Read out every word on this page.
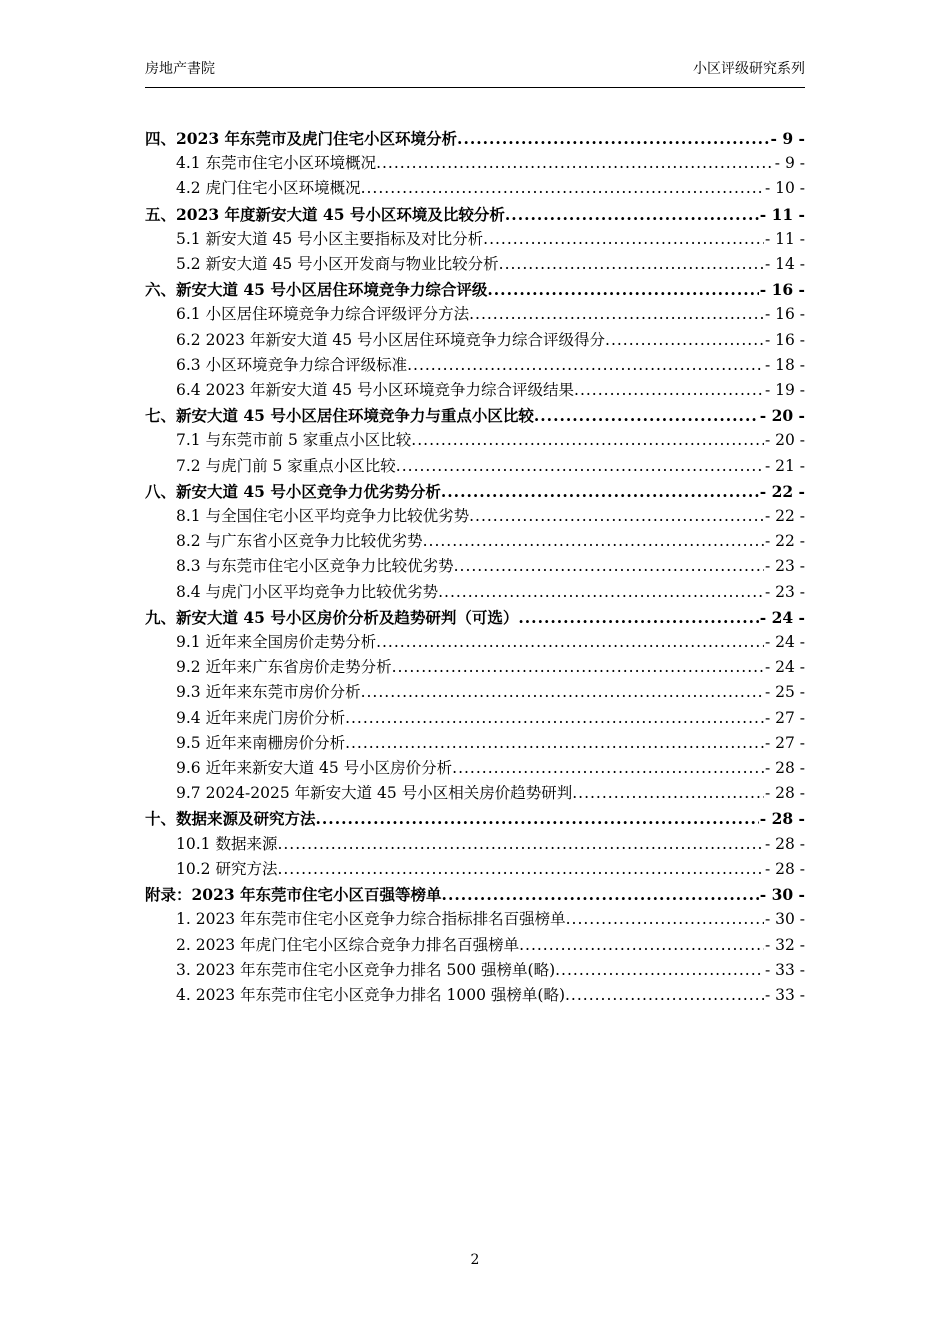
房地产書院	小区评级研究系列
四、2023 年东莞市及虎门住宅小区环境分析 .....	- 9 -
4.1 东莞市住宅小区环境概况 .....	- 9 -
4.2 虎门住宅小区环境概况 .....	- 10 -
五、2023 年度新安大道 45 号小区环境及比较分析 .....	- 11 -
5.1 新安大道 45 号小区主要指标及对比分析 .....	- 11 -
5.2 新安大道 45 号小区开发商与物业比较分析 .....	- 14 -
六、新安大道 45 号小区居住环境竞争力综合评级 .....	- 16 -
6.1 小区居住环境竞争力综合评级评分方法 .....	- 16 -
6.2 2023 年新安大道 45 号小区居住环境竞争力综合评级得分 .....	- 16 -
6.3 小区环境竞争力综合评级标准 .....	- 18 -
6.4 2023 年新安大道 45 号小区环境竞争力综合评级结果 .....	- 19 -
七、新安大道 45 号小区居住环境竞争力与重点小区比较 .....	- 20 -
7.1 与东莞市前 5 家重点小区比较 .....	- 20 -
7.2 与虎门前 5 家重点小区比较 .....	- 21 -
八、新安大道 45 号小区竞争力优劣势分析 .....	- 22 -
8.1 与全国住宅小区平均竞争力比较优劣势 .....	- 22 -
8.2 与广东省小区竞争力比较优劣势 .....	- 22 -
8.3 与东莞市住宅小区竞争力比较优劣势 .....	- 23 -
8.4 与虎门小区平均竞争力比较优劣势 .....	- 23 -
九、新安大道 45 号小区房价分析及趋势研判（可选） .....	- 24 -
9.1 近年来全国房价走势分析 .....	- 24 -
9.2 近年来广东省房价走势分析 .....	- 24 -
9.3 近年来东莞市房价分析 .....	- 25 -
9.4 近年来虎门房价分析 .....	- 27 -
9.5 近年来南栅房价分析 .....	- 27 -
9.6 近年来新安大道 45 号小区房价分析 .....	- 28 -
9.7 2024-2025 年新安大道 45 号小区相关房价趋势研判 .....	- 28 -
十、数据来源及研究方法 .....	- 28 -
10.1 数据来源 .....	- 28 -
10.2 研究方法 .....	- 28 -
附录：2023 年东莞市住宅小区百强等榜单 .....	- 30 -
1. 2023 年东莞市住宅小区竞争力综合指标排名百强榜单 .....	- 30 -
2. 2023 年虎门住宅小区综合竞争力排名百强榜单 .....	- 32 -
3. 2023 年东莞市住宅小区竞争力排名 500 强榜单(略) .....	- 33 -
4. 2023 年东莞市住宅小区竞争力排名 1000 强榜单(略) .....	- 33 -
2
